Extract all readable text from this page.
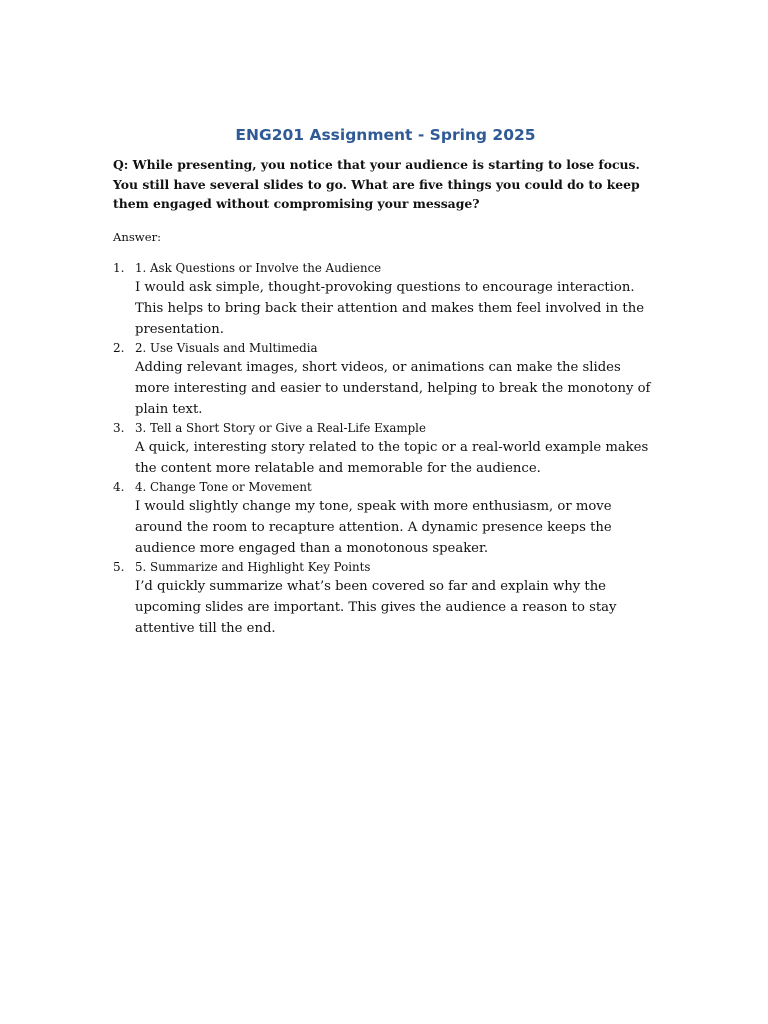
ENG201 Assignment - Spring 2025

Q: While presenting, you notice that your audience is starting to lose focus. You still have several slides to go. What are five things you could do to keep them engaged without compromising your message?

Answer:

1. 1. Ask Questions or Involve the Audience
I would ask simple, thought-provoking questions to encourage interaction. This helps to bring back their attention and makes them feel involved in the presentation.
2. 2. Use Visuals and Multimedia
Adding relevant images, short videos, or animations can make the slides more interesting and easier to understand, helping to break the monotony of plain text.
3. 3. Tell a Short Story or Give a Real-Life Example
A quick, interesting story related to the topic or a real-world example makes the content more relatable and memorable for the audience.
4. 4. Change Tone or Movement
I would slightly change my tone, speak with more enthusiasm, or move around the room to recapture attention. A dynamic presence keeps the audience more engaged than a monotonous speaker.
5. 5. Summarize and Highlight Key Points
I’d quickly summarize what’s been covered so far and explain why the upcoming slides are important. This gives the audience a reason to stay attentive till the end.
